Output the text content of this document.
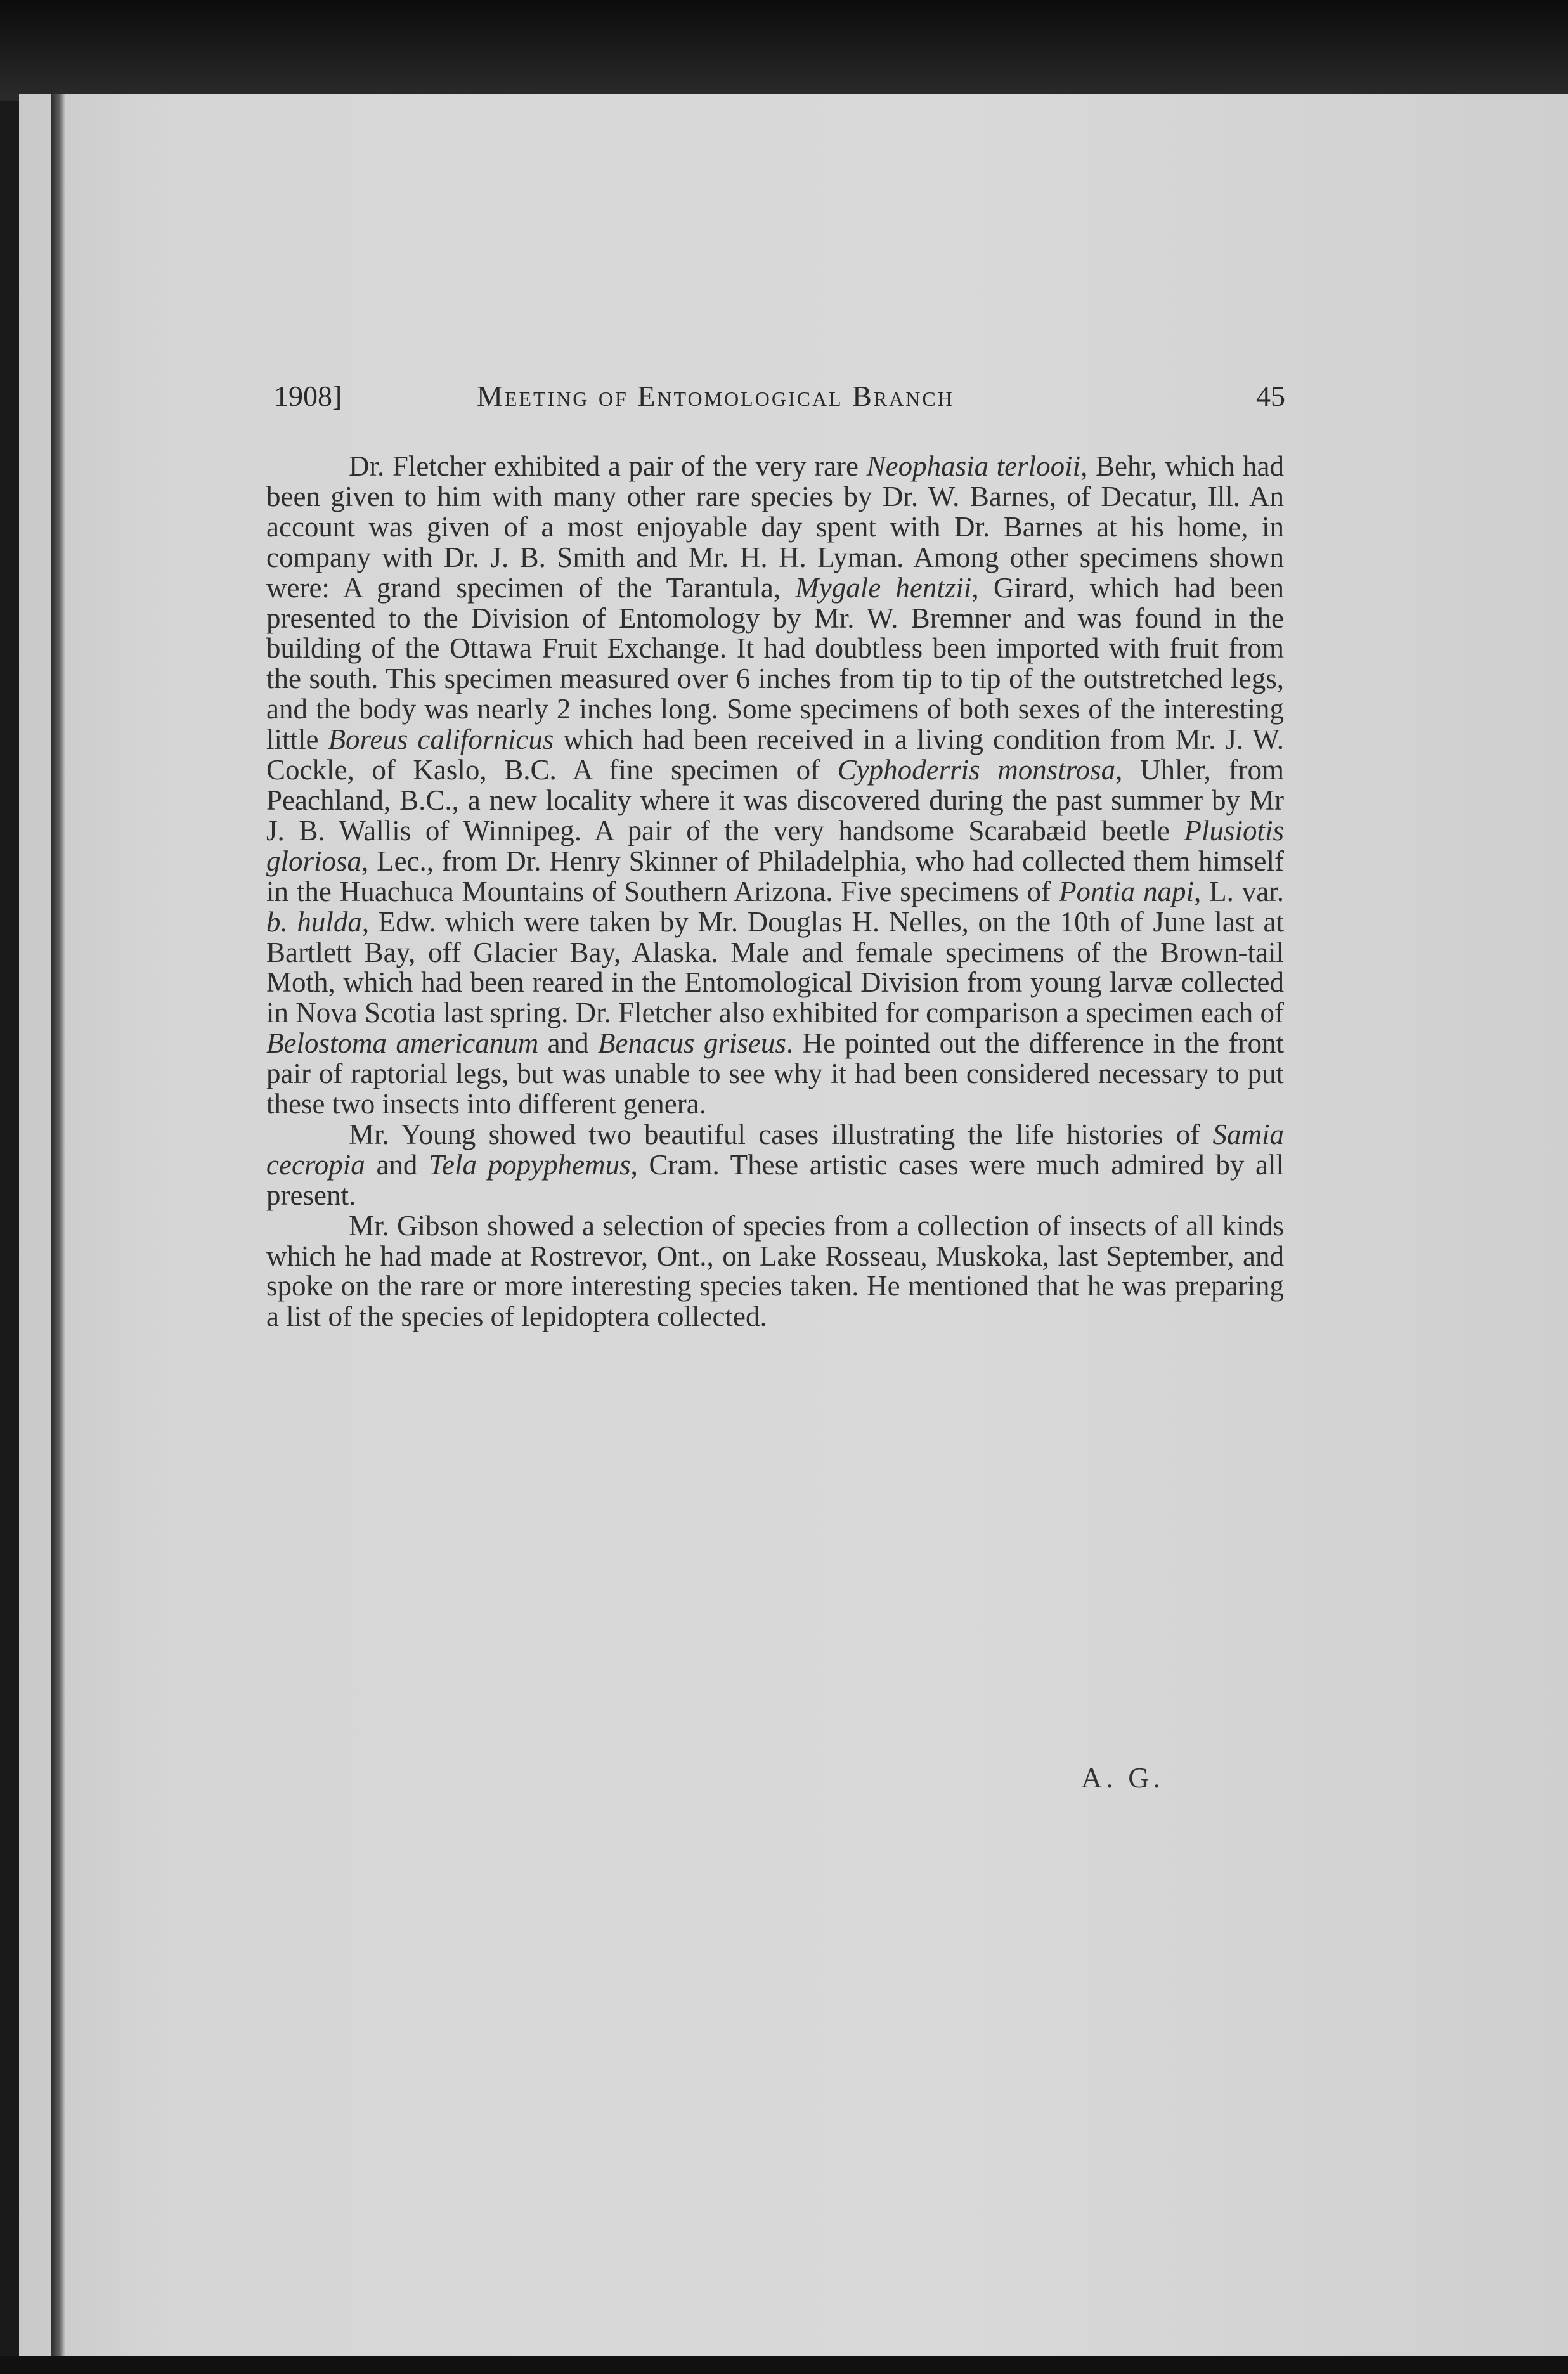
1908]	Meeting of Entomological Branch	45

Dr. Fletcher exhibited a pair of the very rare Neophasia terlooii, Behr, which had been given to him with many other rare species by Dr. W. Barnes, of Decatur, Ill. An account was given of a most enjoyable day spent with Dr. Barnes at his home, in company with Dr. J. B. Smith and Mr. H. H. Lyman. Among other specimens shown were: A grand specimen of the Tarantula, Mygale hentzii, Girard, which had been presented to the Division of Entomology by Mr. W. Bremner and was found in the building of the Ottawa Fruit Exchange. It had doubtless been imported with fruit from the south. This specimen measured over 6 inches from tip to tip of the outstretched legs, and the body was nearly 2 inches long. Some specimens of both sexes of the interesting little Boreus californicus which had been received in a living condition from Mr. J. W. Cockle, of Kaslo, B.C. A fine specimen of Cyphoderris monstrosa, Uhler, from Peachland, B.C., a new locality where it was discovered during the past summer by Mr J. B. Wallis of Winnipeg. A pair of the very handsome Scarabæid beetle Plusiotis gloriosa, Lec., from Dr. Henry Skinner of Philadelphia, who had collected them himself in the Huachuca Mountains of Southern Arizona. Five specimens of Pontia napi, L. var. b. hulda, Edw. which were taken by Mr. Douglas H. Nelles, on the 10th of June last at Bartlett Bay, off Glacier Bay, Alaska. Male and female specimens of the Brown-tail Moth, which had been reared in the Entomological Division from young larvæ collected in Nova Scotia last spring. Dr. Fletcher also exhibited for comparison a specimen each of Belostoma americanum and Benacus griseus. He pointed out the difference in the front pair of raptorial legs, but was unable to see why it had been considered necessary to put these two insects into different genera.

Mr. Young showed two beautiful cases illustrating the life histories of Samia cecropia and Tela popyphemus, Cram. These artistic cases were much admired by all present.

Mr. Gibson showed a selection of species from a collection of insects of all kinds which he had made at Rostrevor, Ont., on Lake Rosseau, Muskoka, last September, and spoke on the rare or more interesting species taken. He mentioned that he was preparing a list of the species of lepidoptera collected.

A. G.
